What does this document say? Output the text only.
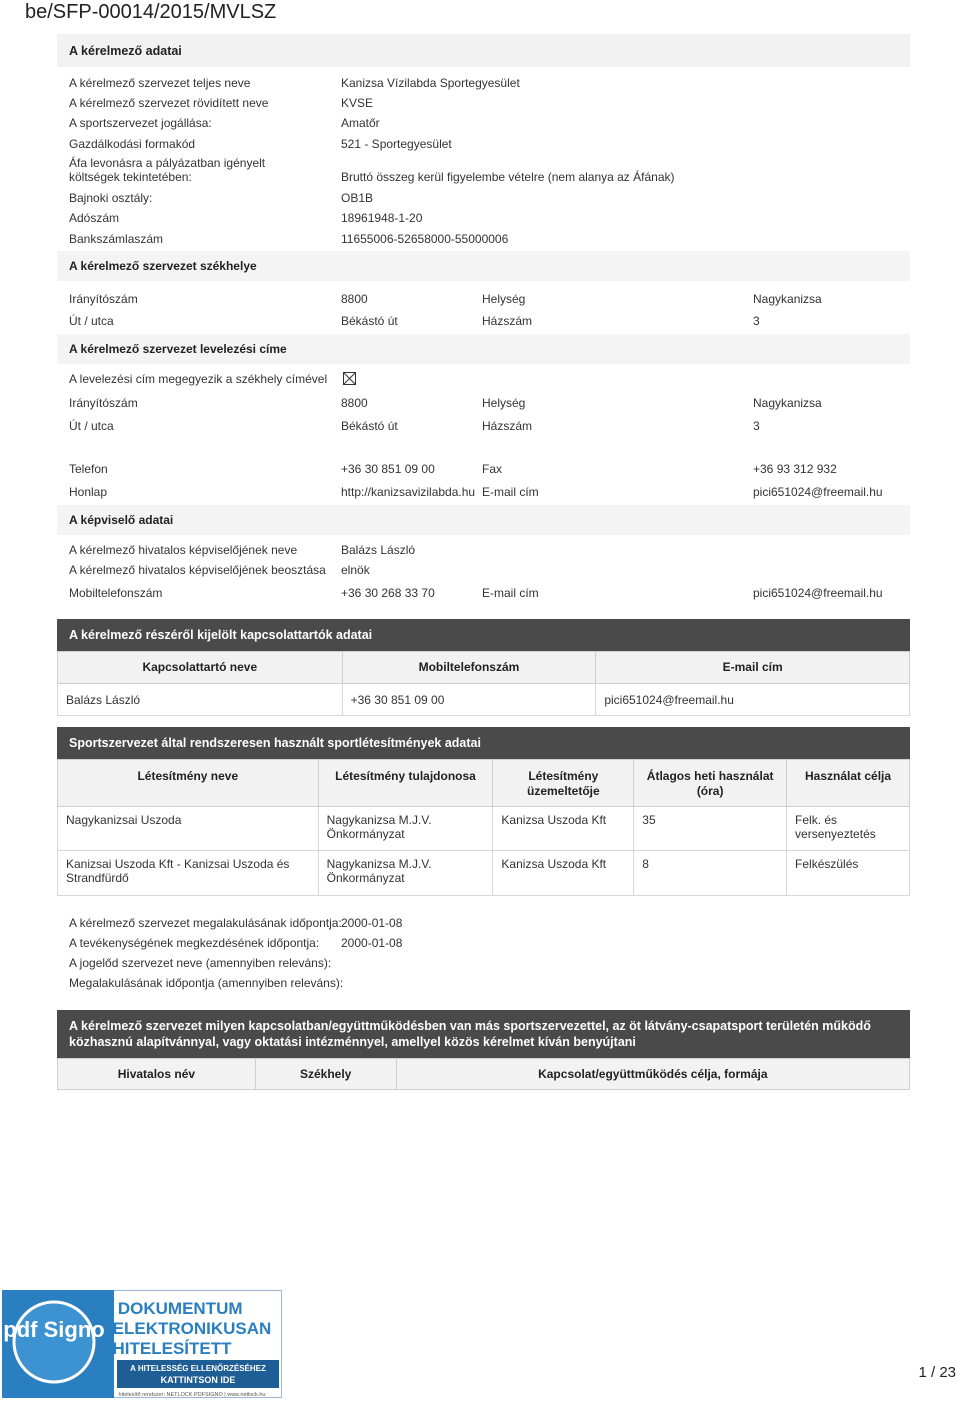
be/SFP-00014/2015/MVLSZ
A kérelmező adatai
A kérelmező szervezet teljes neve	Kanizsa Vízilabda Sportegyesület
A kérelmező szervezet rövidített neve	KVSE
A sportszervezet jogállása:	Amatőr
Gazdálkodási formakód	521 - Sportegyesület
Áfa levonásra a pályázatban igényelt költségek tekintetében:	Bruttó összeg kerül figyelembe vételre (nem alanya az Áfának)
Bajnoki osztály:	OB1B
Adószám	18961948-1-20
Bankszámlaszám	11655006-52658000-55000006
A kérelmező szervezet székhelye
Irányítószám	8800	Helység	Nagykanizsa
Út / utca	Békástó út	Házszám	3
A kérelmező szervezet levelezési címe
A levelezési cím megegyezik a székhely címével
Irányítószám	8800	Helység	Nagykanizsa
Út / utca	Békástó út	Házszám	3
Telefon	+36 30 851 09 00	Fax	+36 93 312 932
Honlap	http://kanizsavizilabda.hu E-mail cím	pici651024@freemail.hu
A képviselő adatai
A kérelmező hivatalos képviselőjének neve	Balázs László
A kérelmező hivatalos képviselőjének beosztása elnök
Mobiltelefonszám	+36 30 268 33 70	E-mail cím	pici651024@freemail.hu
A kérelmező részéről kijelölt kapcsolattartók adatai
Kapcsolattartó neve	Mobiltelefonszám	E-mail cím
Balázs László	+36 30 851 09 00	pici651024@freemail.hu
Sportszervezet által rendszeresen használt sportlétesítmények adatai
Létesítmény neve	Létesítmény tulajdonosa	Létesítmény üzemeltetője	Átlagos heti használat (óra)	Használat célja
Nagykanizsai Uszoda	Nagykanizsa M.J.V. Önkormányzat	Kanizsa Uszoda Kft	35	Felk. és versenyeztetés
Kanizsai Uszoda Kft - Kanizsai Uszoda és Strandfürdő	Nagykanizsa M.J.V. Önkormányzat	Kanizsa Uszoda Kft	8	Felkészülés
A kérelmező szervezet megalakulásának időpontja: 2000-01-08
A tevékenységének megkezdésének időpontja: 2000-01-08
A jogelőd szervezet neve (amennyiben releváns):
Megalakulásának időpontja (amennyiben releváns):
A kérelmező szervezet milyen kapcsolatban/együttműködésben van más sportszervezettel, az öt látvány-csapatsport területén működő közhasznú alapítvánnyal, vagy oktatási intézménnyel, amellyel közös kérelmet kíván benyújtani
Hivatalos név	Székhely	Kapcsolat/együttműködés célja, formája
pdf Signo
A DOKUMENTUM
ELEKTRONIKUSAN
HITELESÍTETT
A HITELESSÉG ELLENŐRZÉSÉHEZ
KATTINTSON IDE
hitelesítő rendszer: NETLOCK PDFSIGNO | www.netlock.hu
1 / 23
